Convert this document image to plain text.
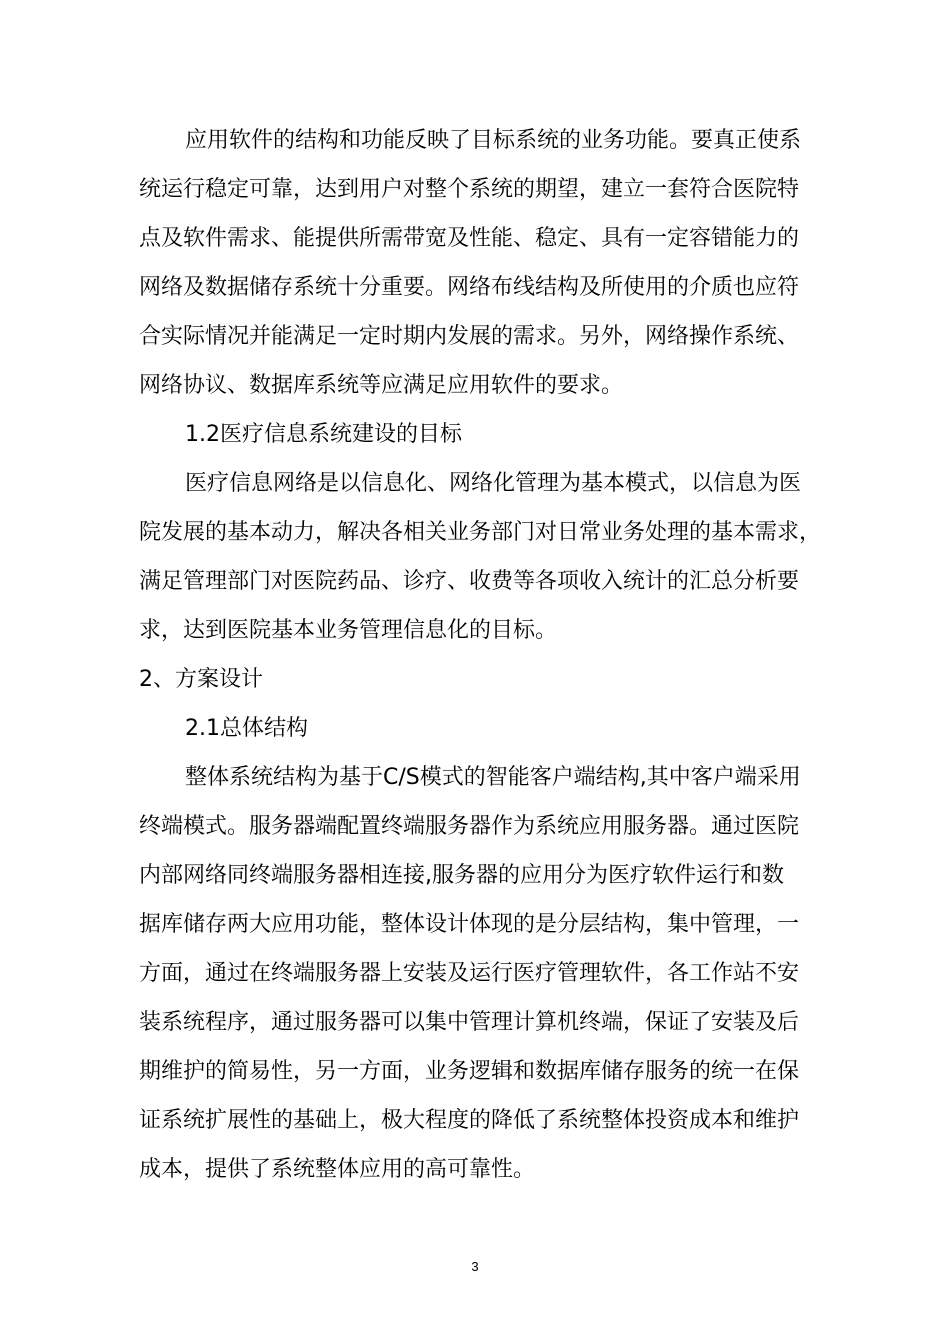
应用软件的结构和功能反映了目标系统的业务功能。要真正使系
统运行稳定可靠，达到用户对整个系统的期望，建立一套符合医院特
点及软件需求、能提供所需带宽及性能、稳定、具有一定容错能力的
网络及数据储存系统十分重要。网络布线结构及所使用的介质也应符
合实际情况并能满足一定时期内发展的需求。另外，网络操作系统、
网络协议、数据库系统等应满足应用软件的要求。
1.2医疗信息系统建设的目标
医疗信息网络是以信息化、网络化管理为基本模式，以信息为医
院发展的基本动力，解决各相关业务部门对日常业务处理的基本需求，
满足管理部门对医院药品、诊疗、收费等各项收入统计的汇总分析要
求，达到医院基本业务管理信息化的目标。
2、方案设计
2.1总体结构
整体系统结构为基于C/S模式的智能客户端结构,其中客户端采用
终端模式。服务器端配置终端服务器作为系统应用服务器。通过医院
内部网络同终端服务器相连接,服务器的应用分为医疗软件运行和数
据库储存两大应用功能，整体设计体现的是分层结构，集中管理，一
方面，通过在终端服务器上安装及运行医疗管理软件，各工作站不安
装系统程序，通过服务器可以集中管理计算机终端，保证了安装及后
期维护的简易性，另一方面，业务逻辑和数据库储存服务的统一在保
证系统扩展性的基础上，极大程度的降低了系统整体投资成本和维护
成本，提供了系统整体应用的高可靠性。
3
